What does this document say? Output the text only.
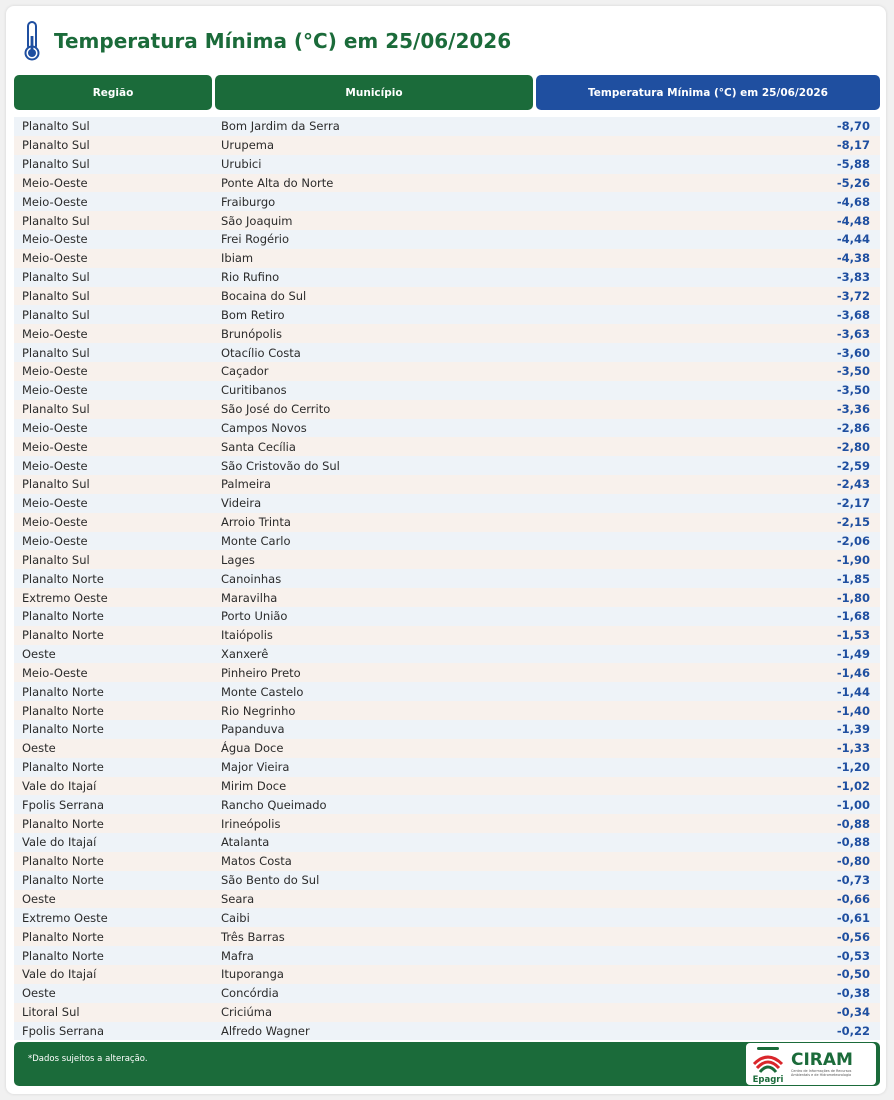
Temperatura Mínima (°C) em 25/06/2026
Região	Município	Temperatura Mínima (°C) em 25/06/2026
Planalto Sul	Bom Jardim da Serra	-8,70
Planalto Sul	Urupema	-8,17
Planalto Sul	Urubici	-5,88
Meio-Oeste	Ponte Alta do Norte	-5,26
Meio-Oeste	Fraiburgo	-4,68
Planalto Sul	São Joaquim	-4,48
Meio-Oeste	Frei Rogério	-4,44
Meio-Oeste	Ibiam	-4,38
Planalto Sul	Rio Rufino	-3,83
Planalto Sul	Bocaina do Sul	-3,72
Planalto Sul	Bom Retiro	-3,68
Meio-Oeste	Brunópolis	-3,63
Planalto Sul	Otacílio Costa	-3,60
Meio-Oeste	Caçador	-3,50
Meio-Oeste	Curitibanos	-3,50
Planalto Sul	São José do Cerrito	-3,36
Meio-Oeste	Campos Novos	-2,86
Meio-Oeste	Santa Cecília	-2,80
Meio-Oeste	São Cristovão do Sul	-2,59
Planalto Sul	Palmeira	-2,43
Meio-Oeste	Videira	-2,17
Meio-Oeste	Arroio Trinta	-2,15
Meio-Oeste	Monte Carlo	-2,06
Planalto Sul	Lages	-1,90
Planalto Norte	Canoinhas	-1,85
Extremo Oeste	Maravilha	-1,80
Planalto Norte	Porto União	-1,68
Planalto Norte	Itaiópolis	-1,53
Oeste	Xanxerê	-1,49
Meio-Oeste	Pinheiro Preto	-1,46
Planalto Norte	Monte Castelo	-1,44
Planalto Norte	Rio Negrinho	-1,40
Planalto Norte	Papanduva	-1,39
Oeste	Água Doce	-1,33
Planalto Norte	Major Vieira	-1,20
Vale do Itajaí	Mirim Doce	-1,02
Fpolis Serrana	Rancho Queimado	-1,00
Planalto Norte	Irineópolis	-0,88
Vale do Itajaí	Atalanta	-0,88
Planalto Norte	Matos Costa	-0,80
Planalto Norte	São Bento do Sul	-0,73
Oeste	Seara	-0,66
Extremo Oeste	Caibi	-0,61
Planalto Norte	Três Barras	-0,56
Planalto Norte	Mafra	-0,53
Vale do Itajaí	Ituporanga	-0,50
Oeste	Concórdia	-0,38
Litoral Sul	Criciúma	-0,34
Fpolis Serrana	Alfredo Wagner	-0,22
*Dados sujeitos a alteração.
Epagri
CIRAM
Centro de Informações de Recursos Ambientais e de Hidrometeorologia
